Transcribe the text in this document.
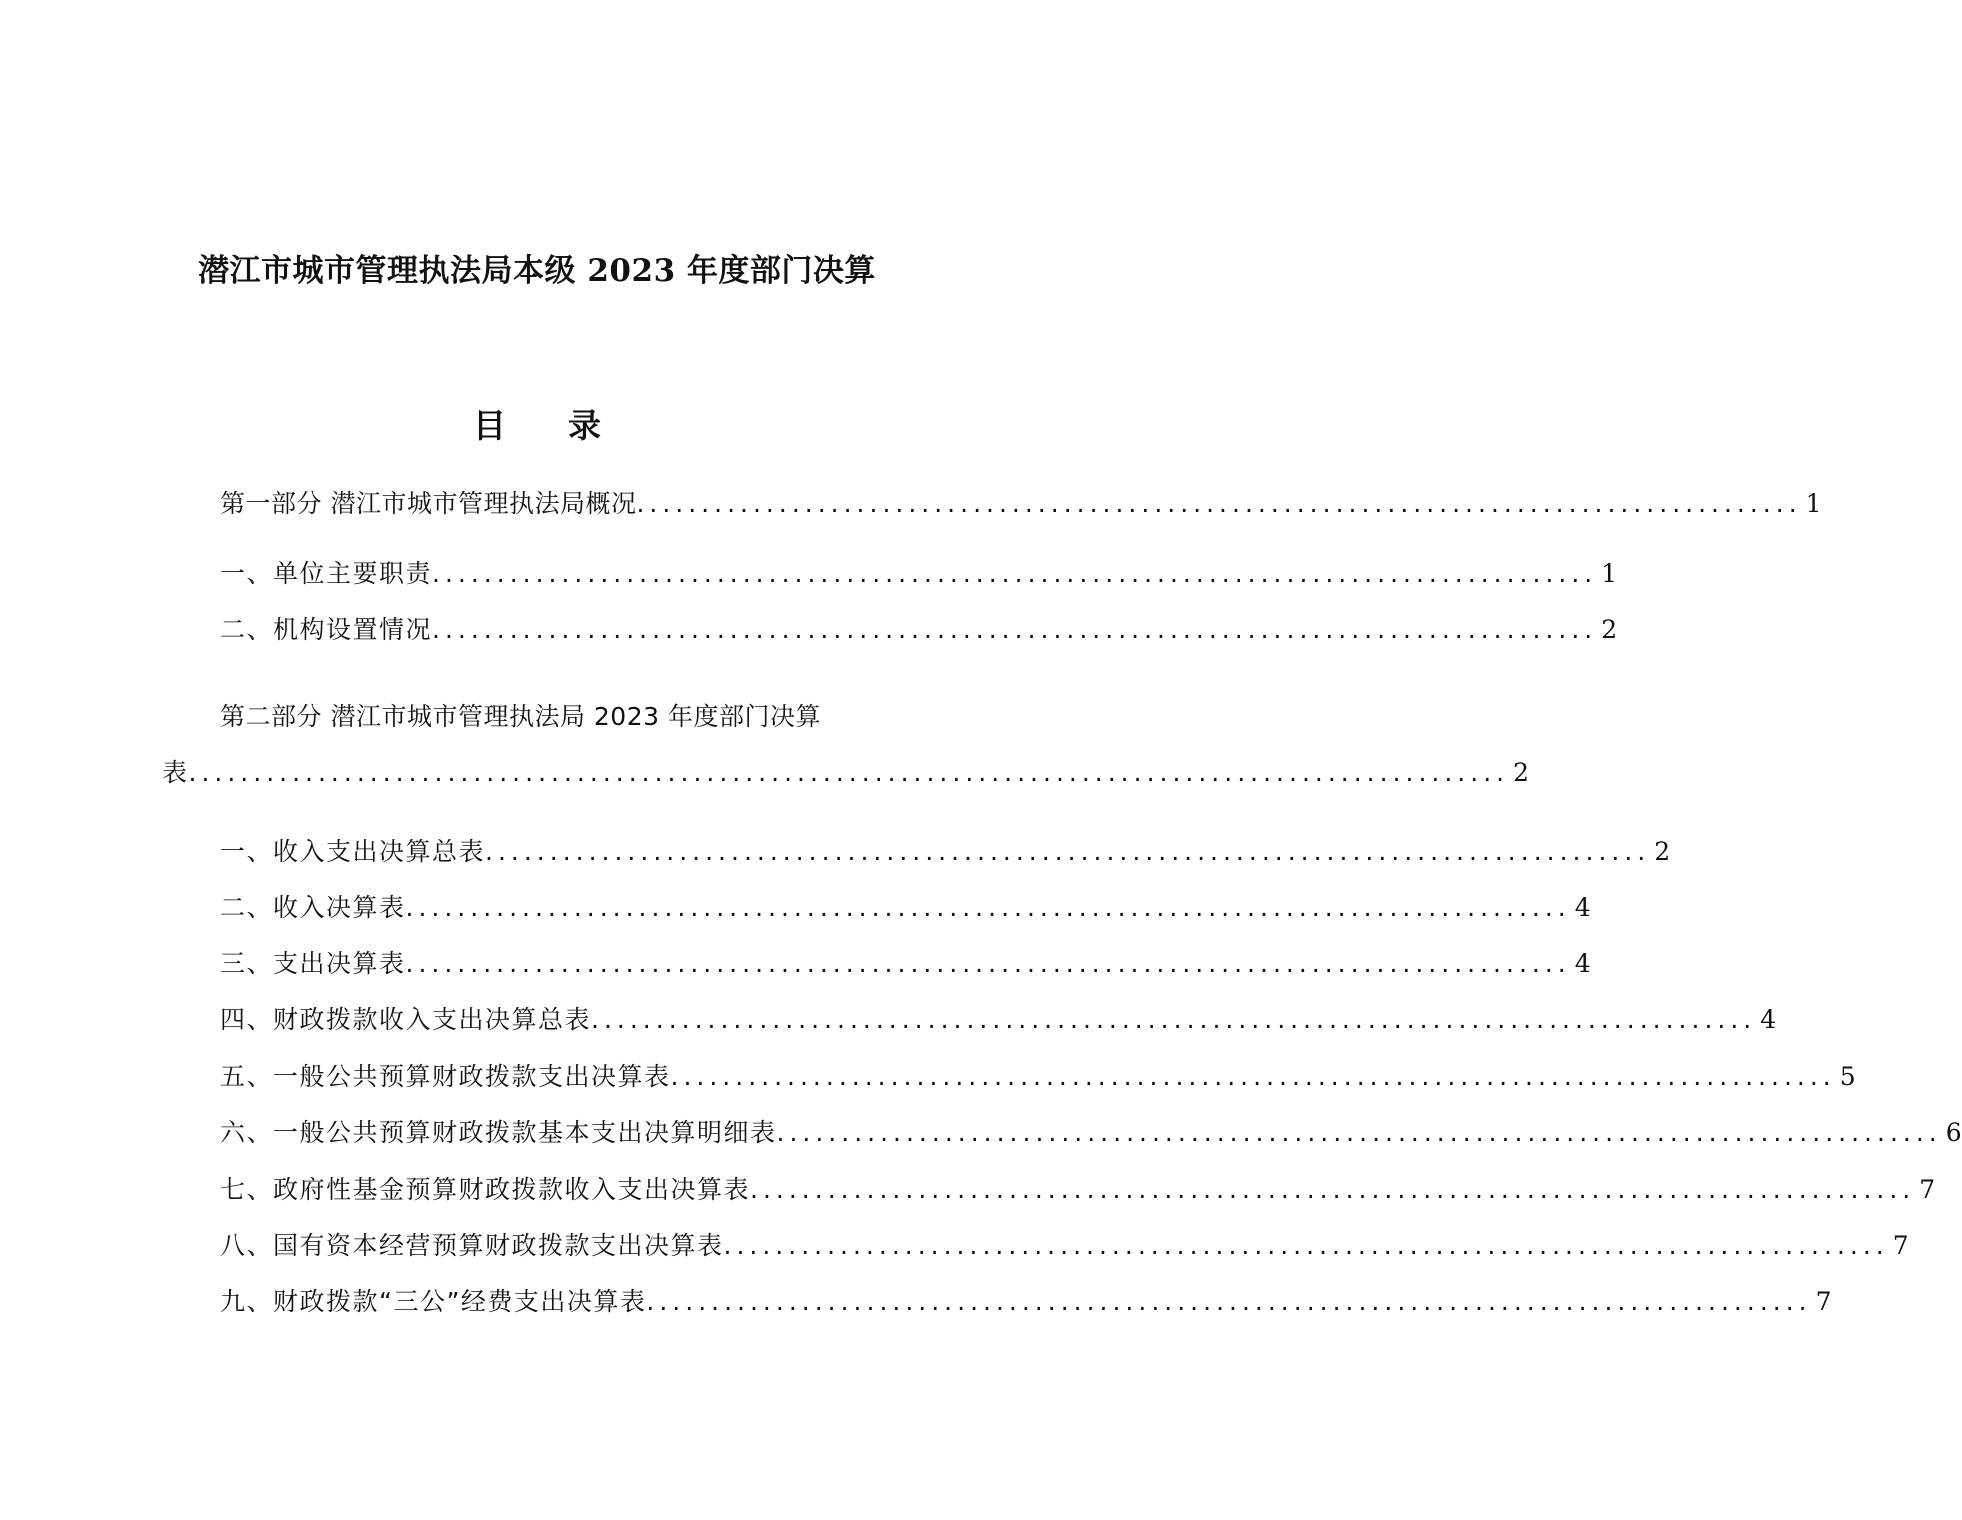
潜江市城市管理执法局本级 2023 年度部门决算
目 录
第一部分 潜江市城市管理执法局概况 .......................................................................................... 1
一、单位主要职责 .......................................................................................... 1
二、机构设置情况 .......................................................................................... 2
第二部分 潜江市城市管理执法局 2023 年度部门决算
表 ...................................................................................................... 2
一、收入支出决算总表 .......................................................................................... 2
二、收入决算表 .......................................................................................... 4
三、支出决算表 .......................................................................................... 4
四、财政拨款收入支出决算总表 .......................................................................................... 4
五、一般公共预算财政拨款支出决算表 .......................................................................................... 5
六、一般公共预算财政拨款基本支出决算明细表 .......................................................................................... 6
七、政府性基金预算财政拨款收入支出决算表 .......................................................................................... 7
八、国有资本经营预算财政拨款支出决算表 .......................................................................................... 7
九、财政拨款“三公”经费支出决算表 .......................................................................................... 7
